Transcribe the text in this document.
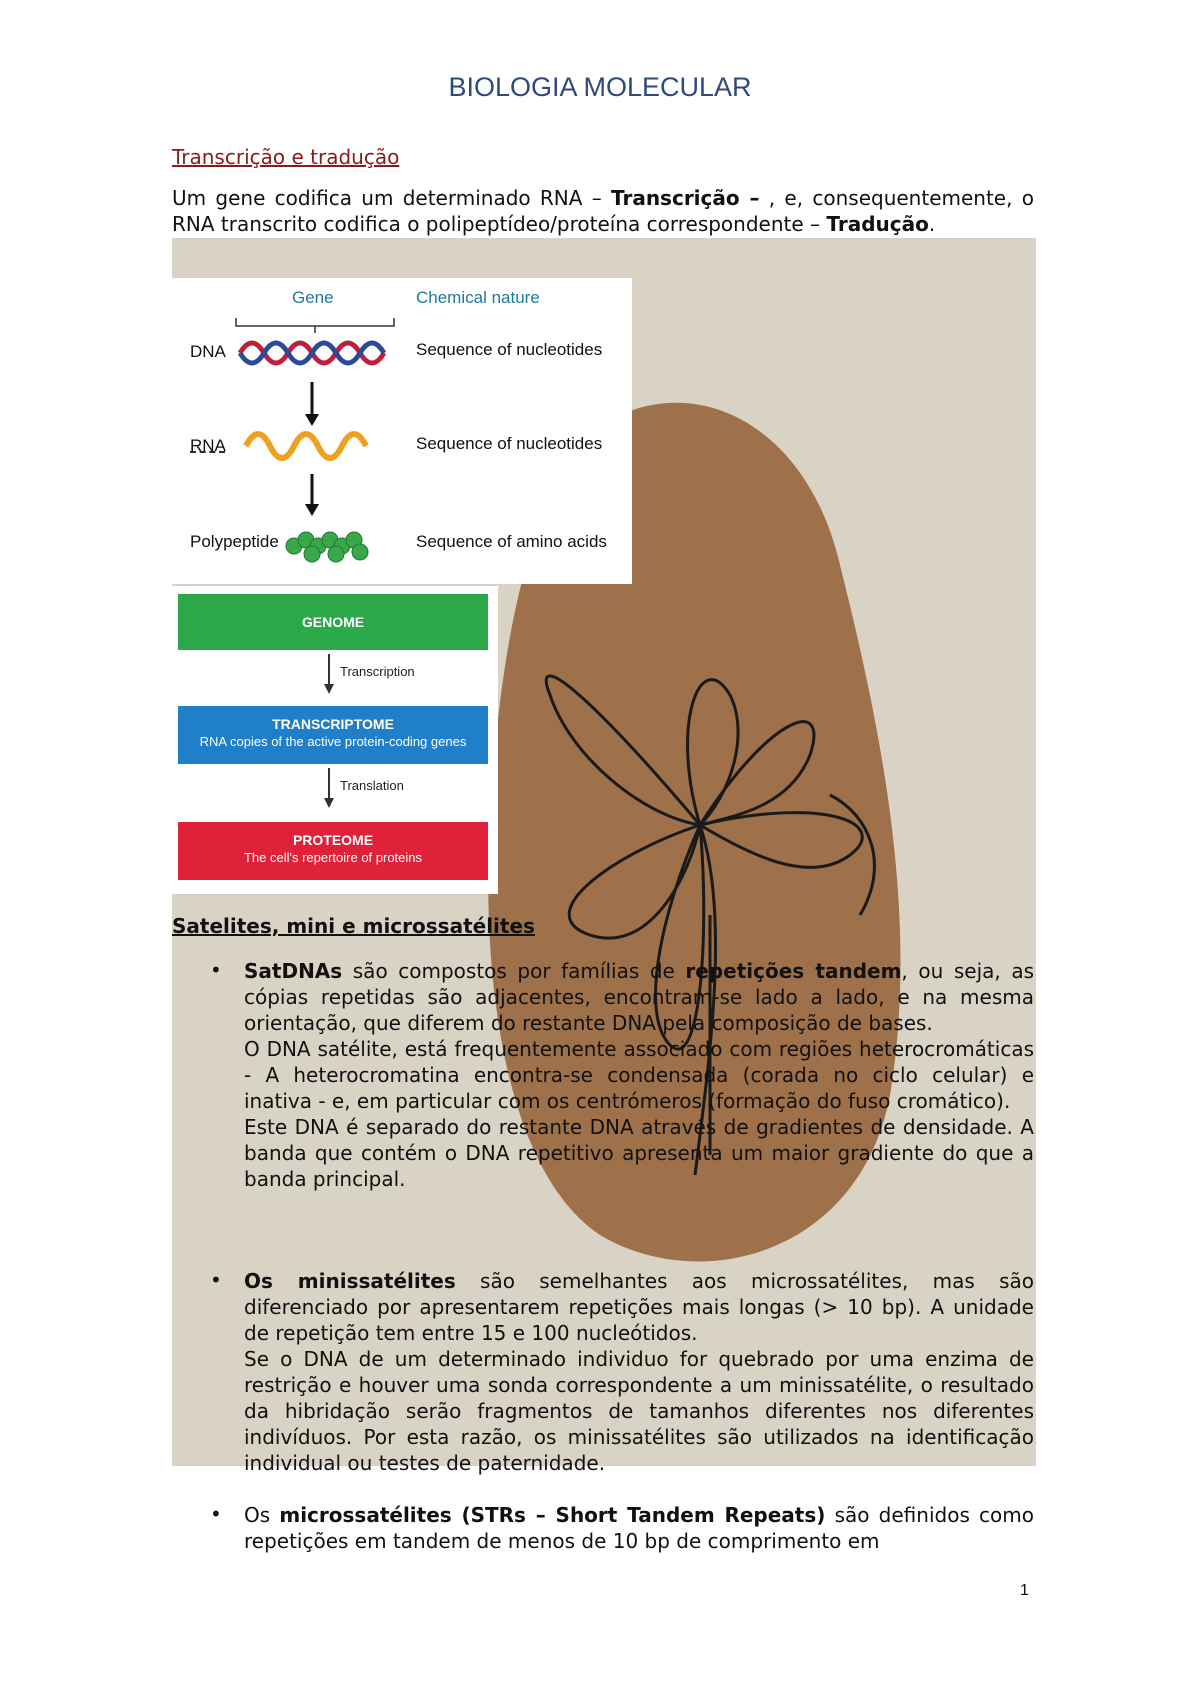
BIOLOGIA MOLECULAR
Transcrição e tradução
Um gene codifica um determinado RNA – Transcrição – , e, consequentemente, o RNA transcrito codifica o polipeptídeo/proteína correspondente – Tradução.
Gene	Chemical nature
DNA	Sequence of nucleotides
RNA	Sequence of nucleotides
Polypeptide	Sequence of amino acids
GENOME
Transcription
TRANSCRIPTOME
RNA copies of the active protein-coding genes
Translation
PROTEOME
The cell's repertoire of proteins
Satelites, mini e microssatélites
• SatDNAs são compostos por famílias de repetições tandem, ou seja, as cópias repetidas são adjacentes, encontram-se lado a lado, e na mesma orientação, que diferem do restante DNA pela composição de bases.
O DNA satélite, está frequentemente associado com regiões heterocromáticas - A heterocromatina encontra-se condensada (corada no ciclo celular) e inativa - e, em particular com os centrómeros (formação do fuso cromático).
Este DNA é separado do restante DNA através de gradientes de densidade. A banda que contém o DNA repetitivo apresenta um maior gradiente do que a banda principal.
• Os minissatélites são semelhantes aos microssatélites, mas são diferenciado por apresentarem repetições mais longas (> 10 bp). A unidade de repetição tem entre 15 e 100 nucleótidos.
Se o DNA de um determinado individuo for quebrado por uma enzima de restrição e houver uma sonda correspondente a um minissatélite, o resultado da hibridação serão fragmentos de tamanhos diferentes nos diferentes indivíduos. Por esta razão, os minissatélites são utilizados na identificação individual ou testes de paternidade.
• Os microssatélites (STRs – Short Tandem Repeats) são definidos como repetições em tandem de menos de 10 bp de comprimento em
1
